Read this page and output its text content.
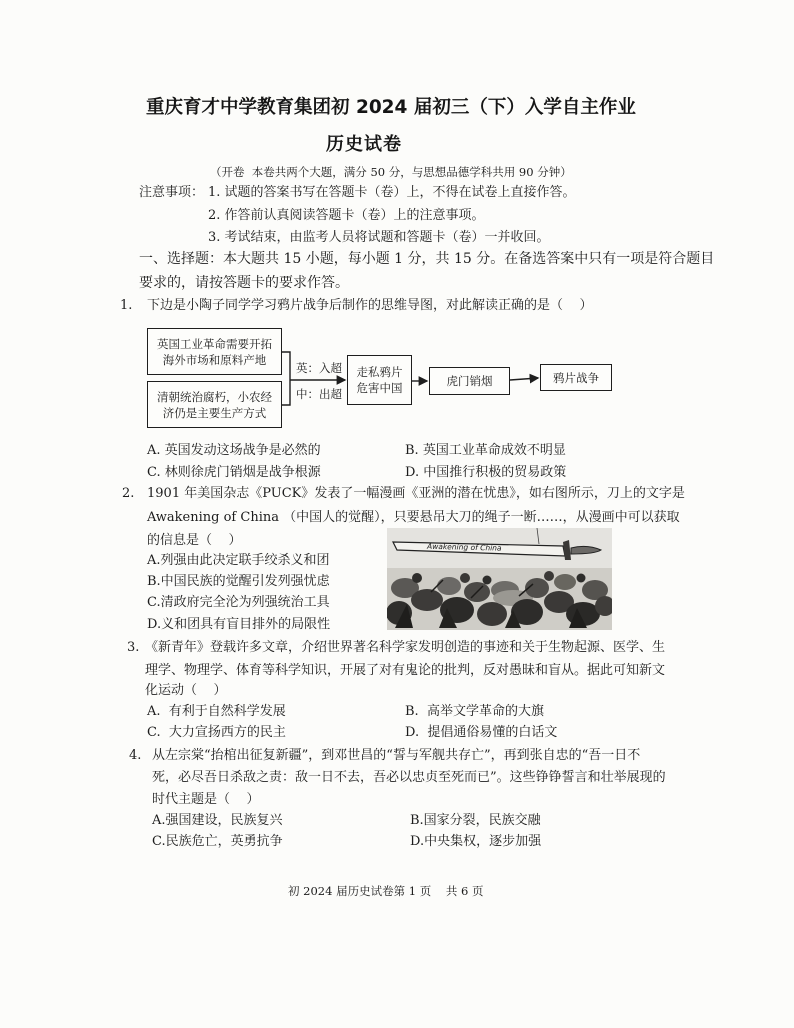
重庆育才中学教育集团初 2024 届初三（下）入学自主作业
历史试卷
（开卷  本卷共两个大题，满分 50 分，与思想品德学科共用 90 分钟）
注意事项： 1. 试题的答案书写在答题卡（卷）上，不得在试卷上直接作答。
2. 作答前认真阅读答题卡（卷）上的注意事项。
3. 考试结束，由监考人员将试题和答题卡（卷）一并收回。
一、选择题：本大题共 15 小题，每小题 1 分，共 15 分。在备选答案中只有一项是符合题目
要求的，请按答题卡的要求作答。
1. 下边是小陶子同学学习鸦片战争后制作的思维导图，对此解读正确的是（    ）
英国工业革命需要开拓
海外市场和原料产地
清朝统治腐朽，小农经
济仍是主要生产方式
英：入超
中：出超
走私鸦片
危害中国	虎门销烟	鸦片战争
A. 英国发动这场战争是必然的	B. 英国工业革命成效不明显
C. 林则徐虎门销烟是战争根源	D. 中国推行积极的贸易政策
2. 1901 年美国杂志《PUCK》发表了一幅漫画《亚洲的潜在忧患》，如右图所示，刀上的文字是
Awakening of China （中国人的觉醒），只要悬吊大刀的绳子一断……，从漫画中可以获取
的信息是（    ）
A.列强由此决定联手绞杀义和团
B.中国民族的觉醒引发列强忧虑
C.清政府完全沦为列强统治工具
D.义和团具有盲目排外的局限性
Awakening of China
3. 《新青年》登载许多文章，介绍世界著名科学家发明创造的事迹和关于生物起源、医学、生
理学、物理学、体育等科学知识，开展了对有鬼论的批判，反对愚昧和盲从。据此可知新文
化运动（    ）
A.  有利于自然科学发展	B.  高举文学革命的大旗
C.  大力宣扬西方的民主	D.  提倡通俗易懂的白话文
4. 从左宗棠“抬棺出征复新疆”，到邓世昌的“誓与军舰共存亡”，再到张自忠的“吾一日不
死，必尽吾日杀敌之责：敌一日不去，吾必以忠贞至死而已”。这些铮铮誓言和壮举展现的
时代主题是（    ）
A.强国建设，民族复兴	B.国家分裂，民族交融
C.民族危亡，英勇抗争	D.中央集权，逐步加强
初 2024 届历史试卷第 1 页    共 6 页
